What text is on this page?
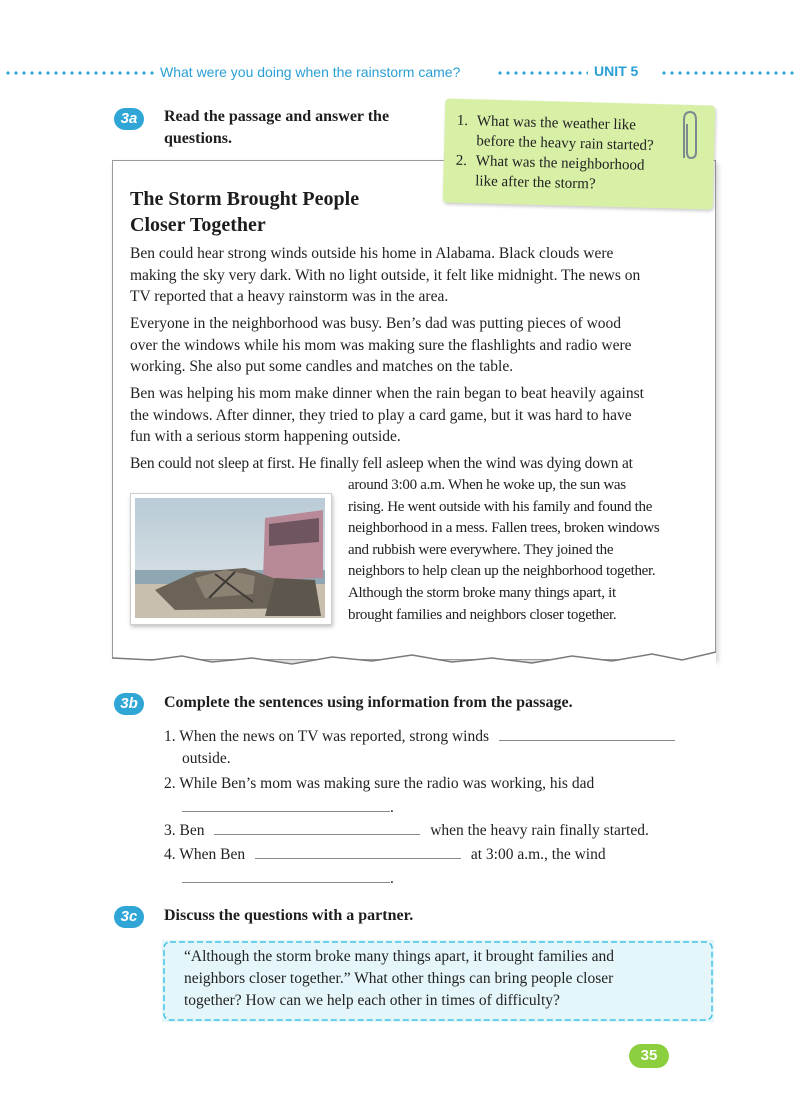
What were you doing when the rainstorm came?	UNIT 5
3a	Read the passage and answer the
questions.
1. What was the weather like
before the heavy rain started?
2. What was the neighborhood
like after the storm?
The Storm Brought People
Closer Together
Ben could hear strong winds outside his home in Alabama. Black clouds were
making the sky very dark. With no light outside, it felt like midnight. The news on
TV reported that a heavy rainstorm was in the area.
Everyone in the neighborhood was busy. Ben’s dad was putting pieces of wood
over the windows while his mom was making sure the flashlights and radio were
working. She also put some candles and matches on the table.
Ben was helping his mom make dinner when the rain began to beat heavily against
the windows. After dinner, they tried to play a card game, but it was hard to have
fun with a serious storm happening outside.
Ben could not sleep at first. He finally fell asleep when the wind was dying down at
around 3:00 a.m. When he woke up, the sun was
rising. He went outside with his family and found the
neighborhood in a mess. Fallen trees, broken windows
and rubbish were everywhere. They joined the
neighbors to help clean up the neighborhood together.
Although the storm broke many things apart, it
brought families and neighbors closer together.
3b	Complete the sentences using information from the passage.
1. When the news on TV was reported, strong winds
outside.
2. While Ben’s mom was making sure the radio was working, his dad
.
3. Ben	when the heavy rain finally started.
4. When Ben	at 3:00 a.m., the wind
.
3c	Discuss the questions with a partner.

“Although the storm broke many things apart, it brought families and
neighbors closer together.” What other things can bring people closer
together? How can we help each other in times of difficulty?

35
